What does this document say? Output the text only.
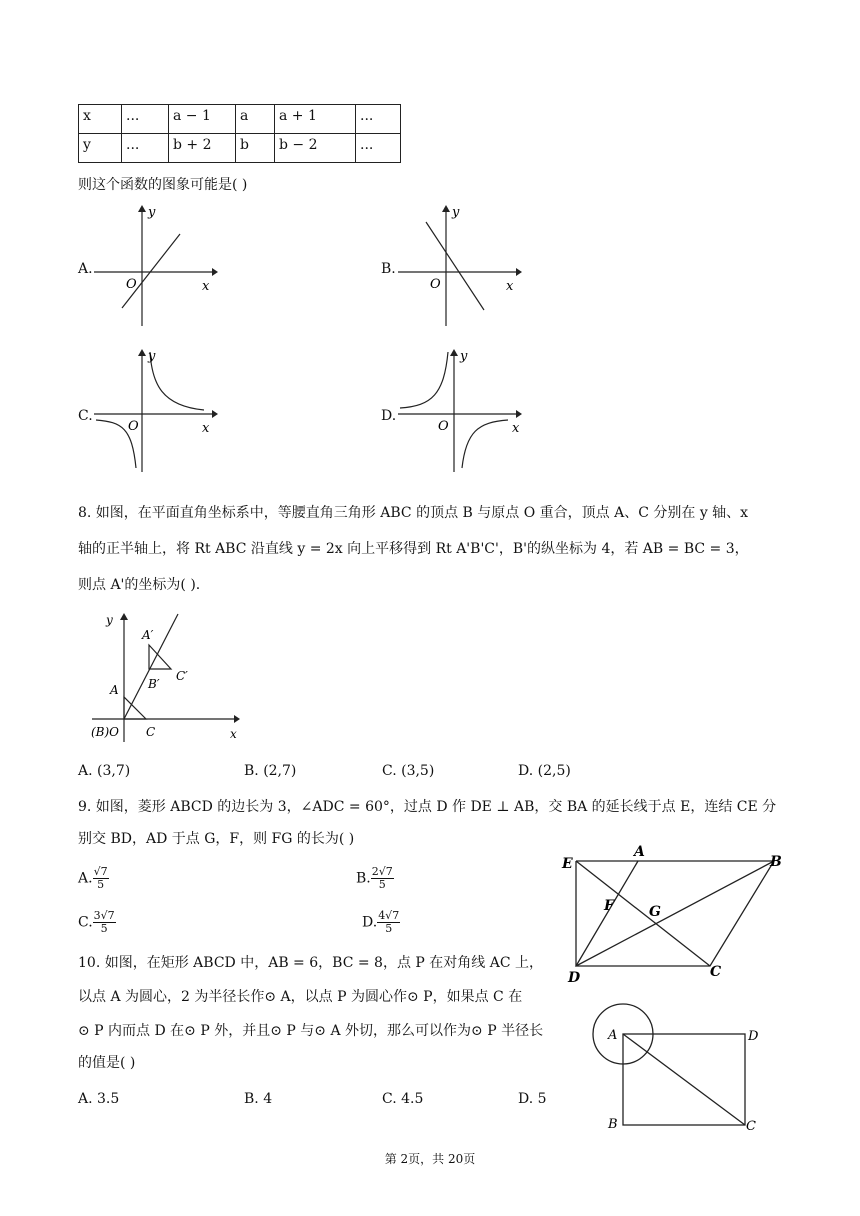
x	...	a − 1	a	a + 1	...
y	...	b + 2	b	b − 2	...
则这个函数的图象可能是( )
A.	B.
C.	D.
y
x
O
y
x
O
y
x
O
y
x
O
8. 如图，在平面直角坐标系中，等腰直角三角形 ABC 的顶点 B 与原点 O 重合，顶点 A、C 分别在 y 轴、x
轴的正半轴上，将 Rt ABC 沿直线 y = 2x 向上平移得到 Rt A'B'C'，B'的纵坐标为 4，若 AB = BC = 3，
则点 A'的坐标为( ).
y
x
A
A′
B′
C′
(B)O C
A. (3,7)	B. (2,7)	C. (3,5)	D. (2,5)
9. 如图，菱形 ABCD 的边长为 3，∠ADC = 60°，过点 D 作 DE ⊥ AB，交 BA 的延长线于点 E，连结 CE 分
别交 BD，AD 于点 G，F，则 FG 的长为( )
A. $\frac{√7}{5}$	B. $\frac{2√7}{5}$
C. $\frac{3√7}{5}$	D. $\frac{4√7}{5}$
E
A
B
F	G
D	C
10. 如图，在矩形 ABCD 中，AB = 6，BC = 8，点 P 在对角线 AC 上，
以点 A 为圆心，2 为半径长作⊙ A，以点 P 为圆心作⊙ P，如果点 C 在
⊙ P 内而点 D 在⊙ P 外，并且⊙ P 与⊙ A 外切，那么可以作为⊙ P 半径长
的值是( )
A. 3.5	B. 4	C. 4.5	D. 5
A	D
B	C
第 2页，共 20页
